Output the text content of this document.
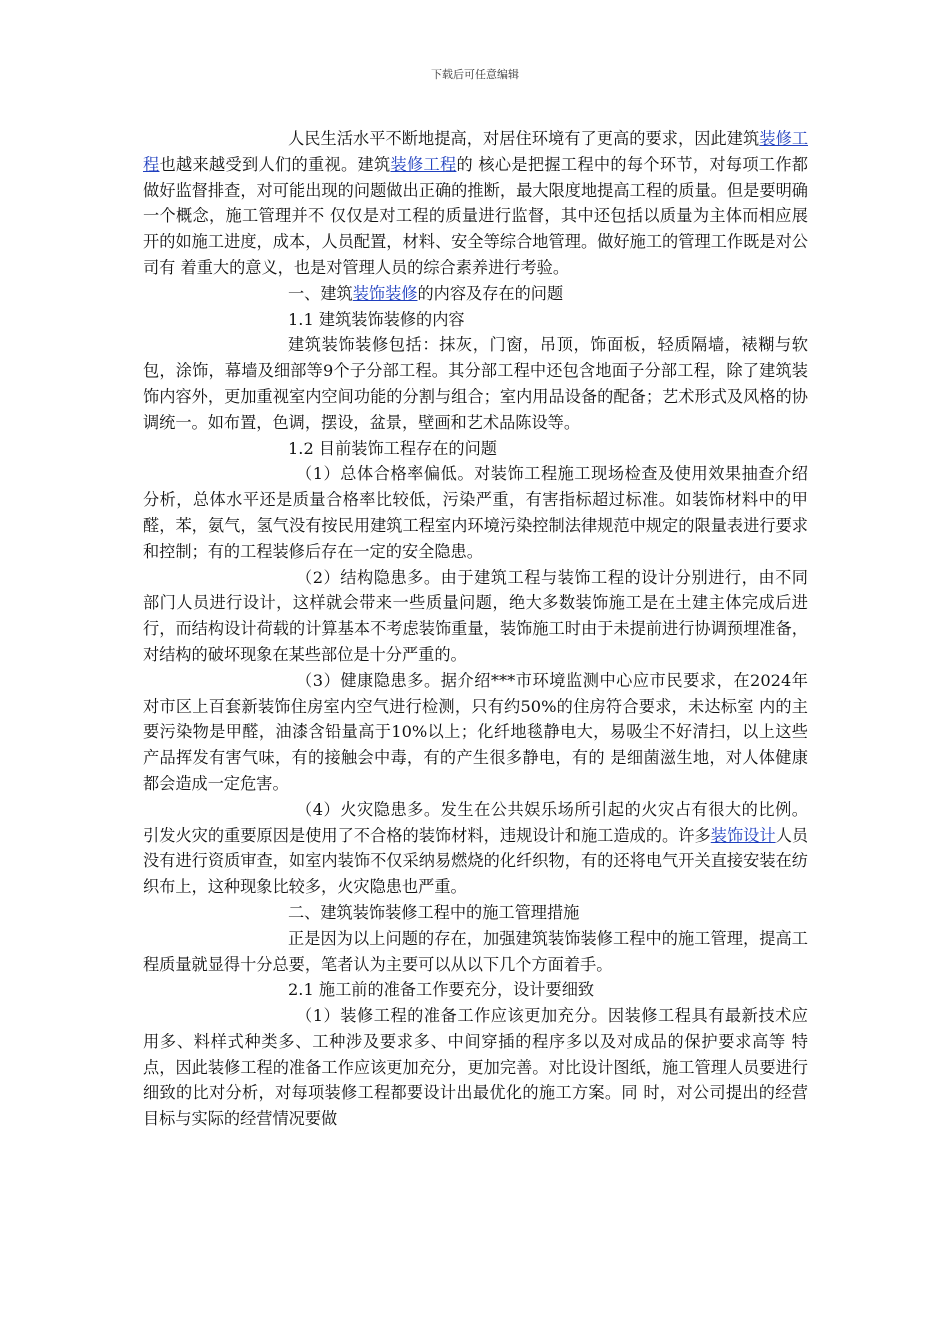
下载后可任意编辑

人民生活水平不断地提高，对居住环境有了更高的要求，因此建筑装修工程也越来越受到人们的重视。建筑装修工程的 核心是把握工程中的每个环节，对每项工作都做好监督排查，对可能出现的问题做出正确的推断，最大限度地提高工程的质量。但是要明确一个概念，施工管理并不 仅仅是对工程的质量进行监督，其中还包括以质量为主体而相应展开的如施工进度，成本，人员配置，材料、安全等综合地管理。做好施工的管理工作既是对公司有 着重大的意义，也是对管理人员的综合素养进行考验。

一、建筑装饰装修的内容及存在的问题

1.1 建筑装饰装修的内容

建筑装饰装修包括：抹灰，门窗，吊顶，饰面板，轻质隔墙，裱糊与软包，涂饰，幕墙及细部等9个子分部工程。其分部工程中还包含地面子分部工程，除了建筑装 饰内容外，更加重视室内空间功能的分割与组合；室内用品设备的配备；艺术形式及风格的协调统一。如布置，色调，摆设，盆景，壁画和艺术品陈设等。

1.2 目前装饰工程存在的问题

（1）总体合格率偏低。对装饰工程施工现场检查及使用效果抽查介绍分析，总体水平还是质量合格率比较低，污染严重，有害指标超过标准。如装饰材料中的甲 醛，苯，氨气，氢气没有按民用建筑工程室内环境污染控制法律规范中规定的限量表进行要求和控制；有的工程装修后存在一定的安全隐患。

（2）结构隐患多。由于建筑工程与装饰工程的设计分别进行，由不同部门人员进行设计，这样就会带来一些质量问题，绝大多数装饰施工是在土建主体完成后进 行，而结构设计荷载的计算基本不考虑装饰重量，装饰施工时由于未提前进行协调预埋准备，对结构的破坏现象在某些部位是十分严重的。

（3）健康隐患多。据介绍***市环境监测中心应市民要求，在2024年对市区上百套新装饰住房室内空气进行检测，只有约50%的住房符合要求，未达标室 内的主要污染物是甲醛，油漆含铅量高于10%以上；化纤地毯静电大，易吸尘不好清扫，以上这些产品挥发有害气味，有的接触会中毒，有的产生很多静电，有的 是细菌滋生地，对人体健康都会造成一定危害。

（4）火灾隐患多。发生在公共娱乐场所引起的火灾占有很大的比例。引发火灾的重要原因是使用了不合格的装饰材料，违规设计和施工造成的。许多装饰设计人员没有进行资质审查，如室内装饰不仅采纳易燃烧的化纤织物，有的还将电气开关直接安装在纺织布上，这种现象比较多，火灾隐患也严重。

二、建筑装饰装修工程中的施工管理措施

正是因为以上问题的存在，加强建筑装饰装修工程中的施工管理，提高工程质量就显得十分总要，笔者认为主要可以从以下几个方面着手。

2.1 施工前的准备工作要充分，设计要细致

（1）装修工程的准备工作应该更加充分。因装修工程具有最新技术应用多、料样式种类多、工种涉及要求多、中间穿插的程序多以及对成品的保护要求高等 特点，因此装修工程的准备工作应该更加充分，更加完善。对比设计图纸，施工管理人员要进行细致的比对分析，对每项装修工程都要设计出最优化的施工方案。同 时，对公司提出的经营目标与实际的经营情况要做
